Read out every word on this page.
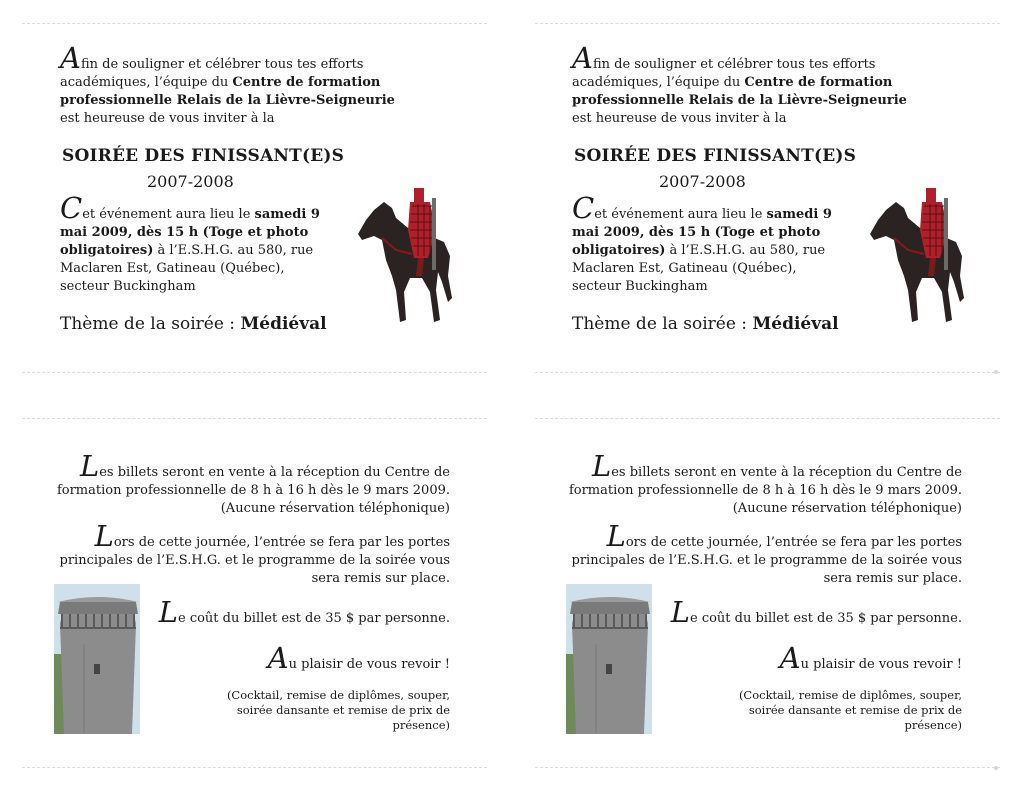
Afin de souligner et célébrer tous tes efforts académiques, l’équipe du Centre de formation professionnelle Relais de la Lièvre-Seigneurie est heureuse de vous inviter à la

SOIRÉE DES FINISSANT(E)S
2007-2008

Cet événement aura lieu le samedi 9 mai 2009, dès 15 h (Toge et photo obligatoires) à l’E.S.H.G. au 580, rue Maclaren Est, Gatineau (Québec), secteur Buckingham

Thème de la soirée : Médiéval

Afin de souligner et célébrer tous tes efforts académiques, l’équipe du Centre de formation professionnelle Relais de la Lièvre-Seigneurie est heureuse de vous inviter à la

SOIRÉE DES FINISSANT(E)S
2007-2008

Cet événement aura lieu le samedi 9 mai 2009, dès 15 h (Toge et photo obligatoires) à l’E.S.H.G. au 580, rue Maclaren Est, Gatineau (Québec), secteur Buckingham

Thème de la soirée : Médiéval

Les billets seront en vente à la réception du Centre de formation professionnelle de 8 h à 16 h dès le 9 mars 2009.

(Aucune réservation téléphonique)

Lors de cette journée, l’entrée se fera par les portes principales de l’E.S.H.G. et le programme de la soirée vous sera remis sur place.

Le coût du billet est de 35 $ par personne.

Au plaisir de vous revoir !

(Cocktail, remise de diplômes, souper, soirée dansante et remise de prix de présence)

Les billets seront en vente à la réception du Centre de formation professionnelle de 8 h à 16 h dès le 9 mars 2009.

(Aucune réservation téléphonique)

Lors de cette journée, l’entrée se fera par les portes principales de l’E.S.H.G. et le programme de la soirée vous sera remis sur place.

Le coût du billet est de 35 $ par personne.

Au plaisir de vous revoir !

(Cocktail, remise de diplômes, souper, soirée dansante et remise de prix de présence)
